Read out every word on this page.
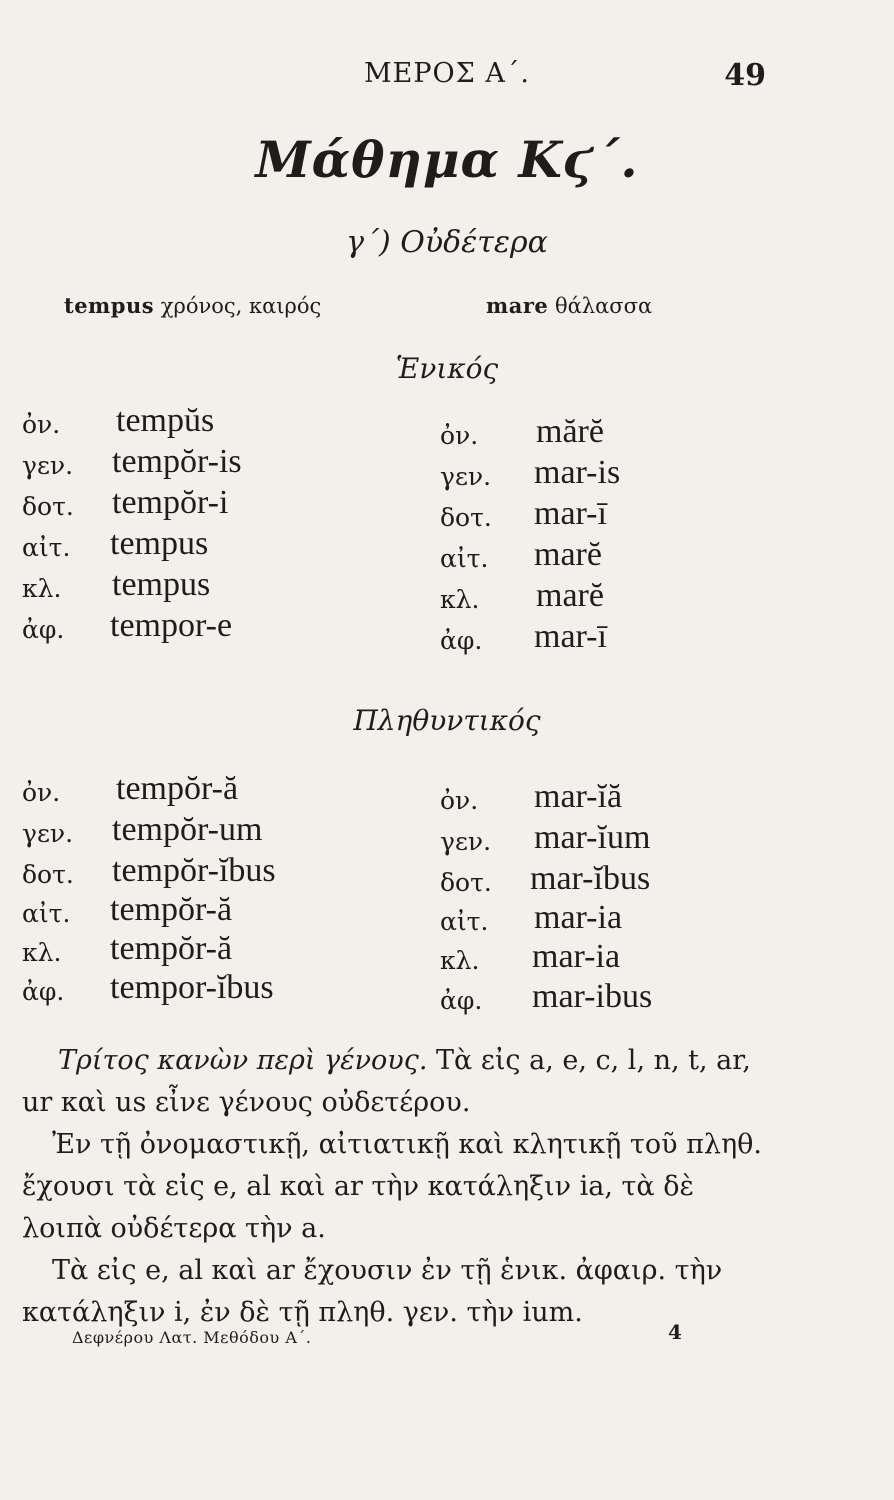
ΜΕΡΟΣ Α΄.	49
Μάθημα Κϛ΄.
γ΄) Οὐδέτερα
tempus χρόνος, καιρός	mare θάλασσα
Ἑνικός
ὀν. tempŭs
γεν. tempŏr-is
δοτ. tempŏr-i
αἰτ. tempus
κλ. tempus
ἀφ. tempor-e
ὀν. mărĕ
γεν. mar-is
δοτ. mar-ī
αἰτ. marĕ
κλ. marĕ
ἀφ. mar-ī
Πληθυντικός
ὀν. tempŏr-ă
γεν. tempŏr-um
δοτ. tempŏr-ĭbus
αἰτ. tempŏr-ă
κλ. tempŏr-ă
ἀφ. tempor-ĭbus
ὀν. mar-ĭă
γεν. mar-ĭum
δοτ. mar-ĭbus
αἰτ. mar-ia
κλ. mar-ia
ἀφ. mar-ibus
Τρίτος κανὼν περὶ γένους. Τὰ εἰς a, e, c, l, n, t, ar, ur καὶ us εἶνε γένους οὐδετέρου.
Ἐν τῇ ὀνομαστικῇ, αἰτιατικῇ καὶ κλητικῇ τοῦ πληθ. ἔχουσι τὰ εἰς e, al καὶ ar τὴν κατάληξιν ia, τὰ δὲ λοιπὰ οὐδέτερα τὴν a.
Τὰ εἰς e, al καὶ ar ἔχουσιν ἐν τῇ ἑνικ. ἀφαιρ. τὴν κατάληξιν i, ἐν δὲ τῇ πληθ. γεν. τὴν ium.
Δεφνέρου Λατ. Μεθόδου Α΄.	4
